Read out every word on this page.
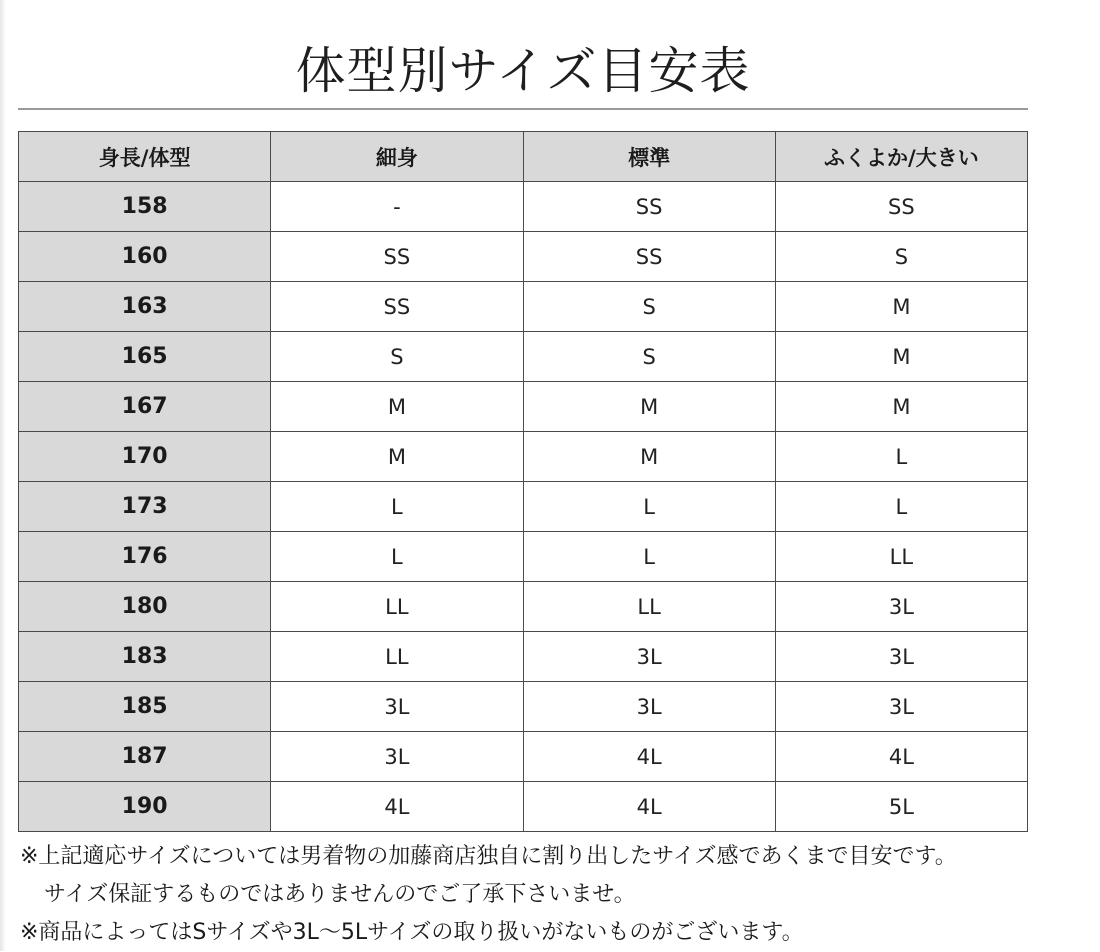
体型別サイズ目安表
身長/体型	細身	標準	ふくよか/大きい
158	-	SS	SS
160	SS	SS	S
163	SS	S	M
165	S	S	M
167	M	M	M
170	M	M	L
173	L	L	L
176	L	L	LL
180	LL	LL	3L
183	LL	3L	3L
185	3L	3L	3L
187	3L	4L	4L
190	4L	4L	5L
※上記適応サイズについては男着物の加藤商店独自に割り出したサイズ感であくまで目安です。
サイズ保証するものではありませんのでご了承下さいませ。
※商品によってはSサイズや3L～5Lサイズの取り扱いがないものがございます。
